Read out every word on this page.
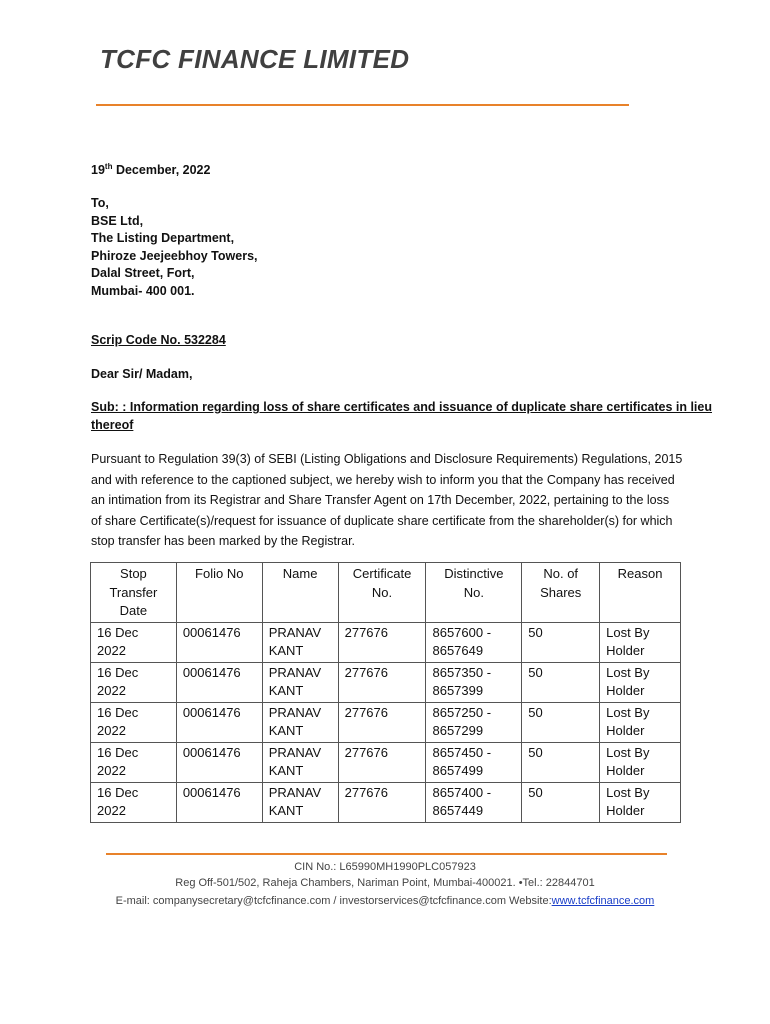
TCFC FINANCE LIMITED
19th December, 2022
To,
BSE Ltd,
The Listing Department,
Phiroze Jeejeebhoy Towers,
Dalal Street, Fort,
Mumbai- 400 001.
Scrip Code No. 532284
Dear Sir/ Madam,
Sub: : Information regarding loss of share certificates and issuance of duplicate share certificates in lieu
thereof
Pursuant to Regulation 39(3) of SEBI (Listing Obligations and Disclosure Requirements) Regulations, 2015
and with reference to the captioned subject, we hereby wish to inform you that the Company has received
an intimation from its Registrar and Share Transfer Agent on 17th December, 2022, pertaining to the loss
of share Certificate(s)/request for issuance of duplicate share certificate from the shareholder(s) for which
stop transfer has been marked by the Registrar.
Stop Transfer Date	Folio No	Name	Certificate No.	Distinctive No.	No. of Shares	Reason
16 Dec 2022	00061476	PRANAV KANT	277676	8657600 - 8657649	50	Lost By Holder
16 Dec 2022	00061476	PRANAV KANT	277676	8657350 - 8657399	50	Lost By Holder
16 Dec 2022	00061476	PRANAV KANT	277676	8657250 - 8657299	50	Lost By Holder
16 Dec 2022	00061476	PRANAV KANT	277676	8657450 - 8657499	50	Lost By Holder
16 Dec 2022	00061476	PRANAV KANT	277676	8657400 - 8657449	50	Lost By Holder
CIN No.: L65990MH1990PLC057923
Reg Off-501/502, Raheja Chambers, Nariman Point, Mumbai-400021. •Tel.: 22844701
E-mail: companysecretary@tcfcfinance.com / investorservices@tcfcfinance.com Website:www.tcfcfinance.com
